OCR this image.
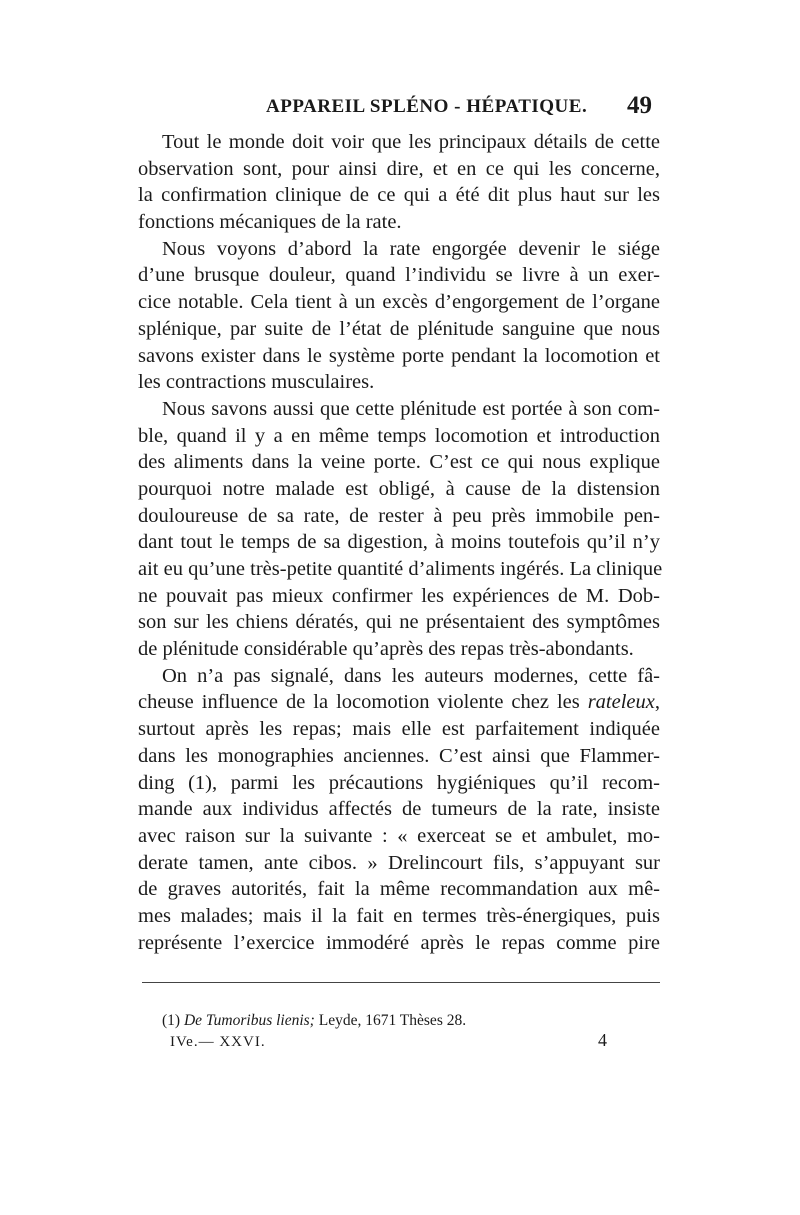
APPAREIL SPLÉNO - HÉPATIQUE. 49
Tout le monde doit voir que les principaux détails de cette
observation sont, pour ainsi dire, et en ce qui les concerne,
la confirmation clinique de ce qui a été dit plus haut sur les
fonctions mécaniques de la rate.
Nous voyons d’abord la rate engorgée devenir le siége
d’une brusque douleur, quand l’individu se livre à un exer-
cice notable. Cela tient à un excès d’engorgement de l’organe
splénique, par suite de l’état de plénitude sanguine que nous
savons exister dans le système porte pendant la locomotion et
les contractions musculaires.
Nous savons aussi que cette plénitude est portée à son com-
ble, quand il y a en même temps locomotion et introduction
des aliments dans la veine porte. C’est ce qui nous explique
pourquoi notre malade est obligé, à cause de la distension
douloureuse de sa rate, de rester à peu près immobile pen-
dant tout le temps de sa digestion, à moins toutefois qu’il n’y
ait eu qu’une très-petite quantité d’aliments ingérés. La clinique
ne pouvait pas mieux confirmer les expériences de M. Dob-
son sur les chiens dératés, qui ne présentaient des symptômes
de plénitude considérable qu’après des repas très-abondants.
On n’a pas signalé, dans les auteurs modernes, cette fâ-
cheuse influence de la locomotion violente chez les rateleux,
surtout après les repas; mais elle est parfaitement indiquée
dans les monographies anciennes. C’est ainsi que Flammer-
ding (1), parmi les précautions hygiéniques qu’il recom-
mande aux individus affectés de tumeurs de la rate, insiste
avec raison sur la suivante : « exerceat se et ambulet, mo-
derate tamen, ante cibos. » Drelincourt fils, s’appuyant sur
de graves autorités, fait la même recommandation aux mê-
mes malades; mais il la fait en termes très-énergiques, puis
représente l’exercice immodéré après le repas comme pire
(1) De Tumoribus lienis; Leyde, 1671 Thèses 28.
IVe.— XXVI.	4
